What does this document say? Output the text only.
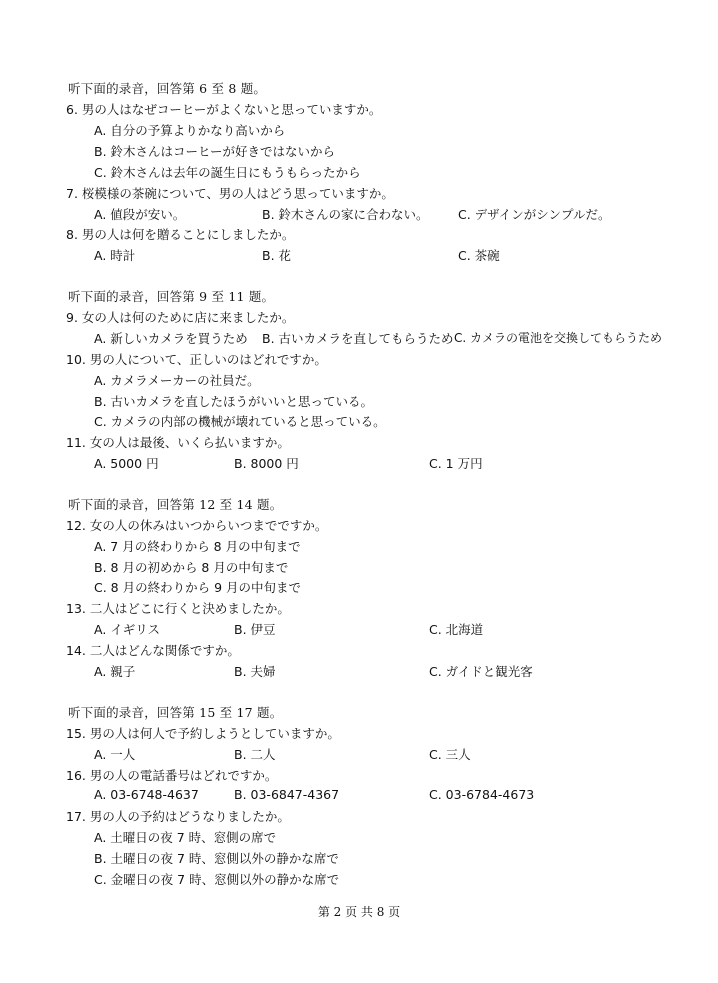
听下面的录音，回答第 6 至 8 题。
6. 男の人はなぜコーヒーがよくないと思っていますか。
A. 自分の予算よりかなり高いから
B. 鈴木さんはコーヒーが好きではないから
C. 鈴木さんは去年の誕生日にもうもらったから
7. 桜模様の茶碗について、男の人はどう思っていますか。
A. 値段が安い。	B. 鈴木さんの家に合わない。 C. デザインがシンプルだ。
8. 男の人は何を贈ることにしましたか。
A. 時計	B. 花	C. 茶碗
听下面的录音，回答第 9 至 11 题。
9. 女の人は何のために店に来ましたか。
A. 新しいカメラを買うため B. 古いカメラを直してもらうため C. カメラの電池を交換してもらうため
10. 男の人について、正しいのはどれですか。
A. カメラメーカーの社員だ。
B. 古いカメラを直したほうがいいと思っている。
C. カメラの内部の機械が壊れていると思っている。
11. 女の人は最後、いくら払いますか。
A. 5000 円	B. 8000 円	C. 1 万円
听下面的录音，回答第 12 至 14 题。
12. 女の人の休みはいつからいつまでですか。
A. 7 月の終わりから 8 月の中旬まで
B. 8 月の初めから 8 月の中旬まで
C. 8 月の終わりから 9 月の中旬まで
13. 二人はどこに行くと決めましたか。
A. イギリス	B. 伊豆	C. 北海道
14. 二人はどんな関係ですか。
A. 親子	B. 夫婦	C. ガイドと観光客
听下面的录音，回答第 15 至 17 题。
15. 男の人は何人で予約しようとしていますか。
A. 一人	B. 二人	C. 三人
16. 男の人の電話番号はどれですか。
A. 03-6748-4637	B. 03-6847-4367	C. 03-6784-4673
17. 男の人の予約はどうなりましたか。
A. 土曜日の夜 7 時、窓側の席で
B. 土曜日の夜 7 時、窓側以外の静かな席で
C. 金曜日の夜 7 時、窓側以外の静かな席で
第 2 页 共 8 页
